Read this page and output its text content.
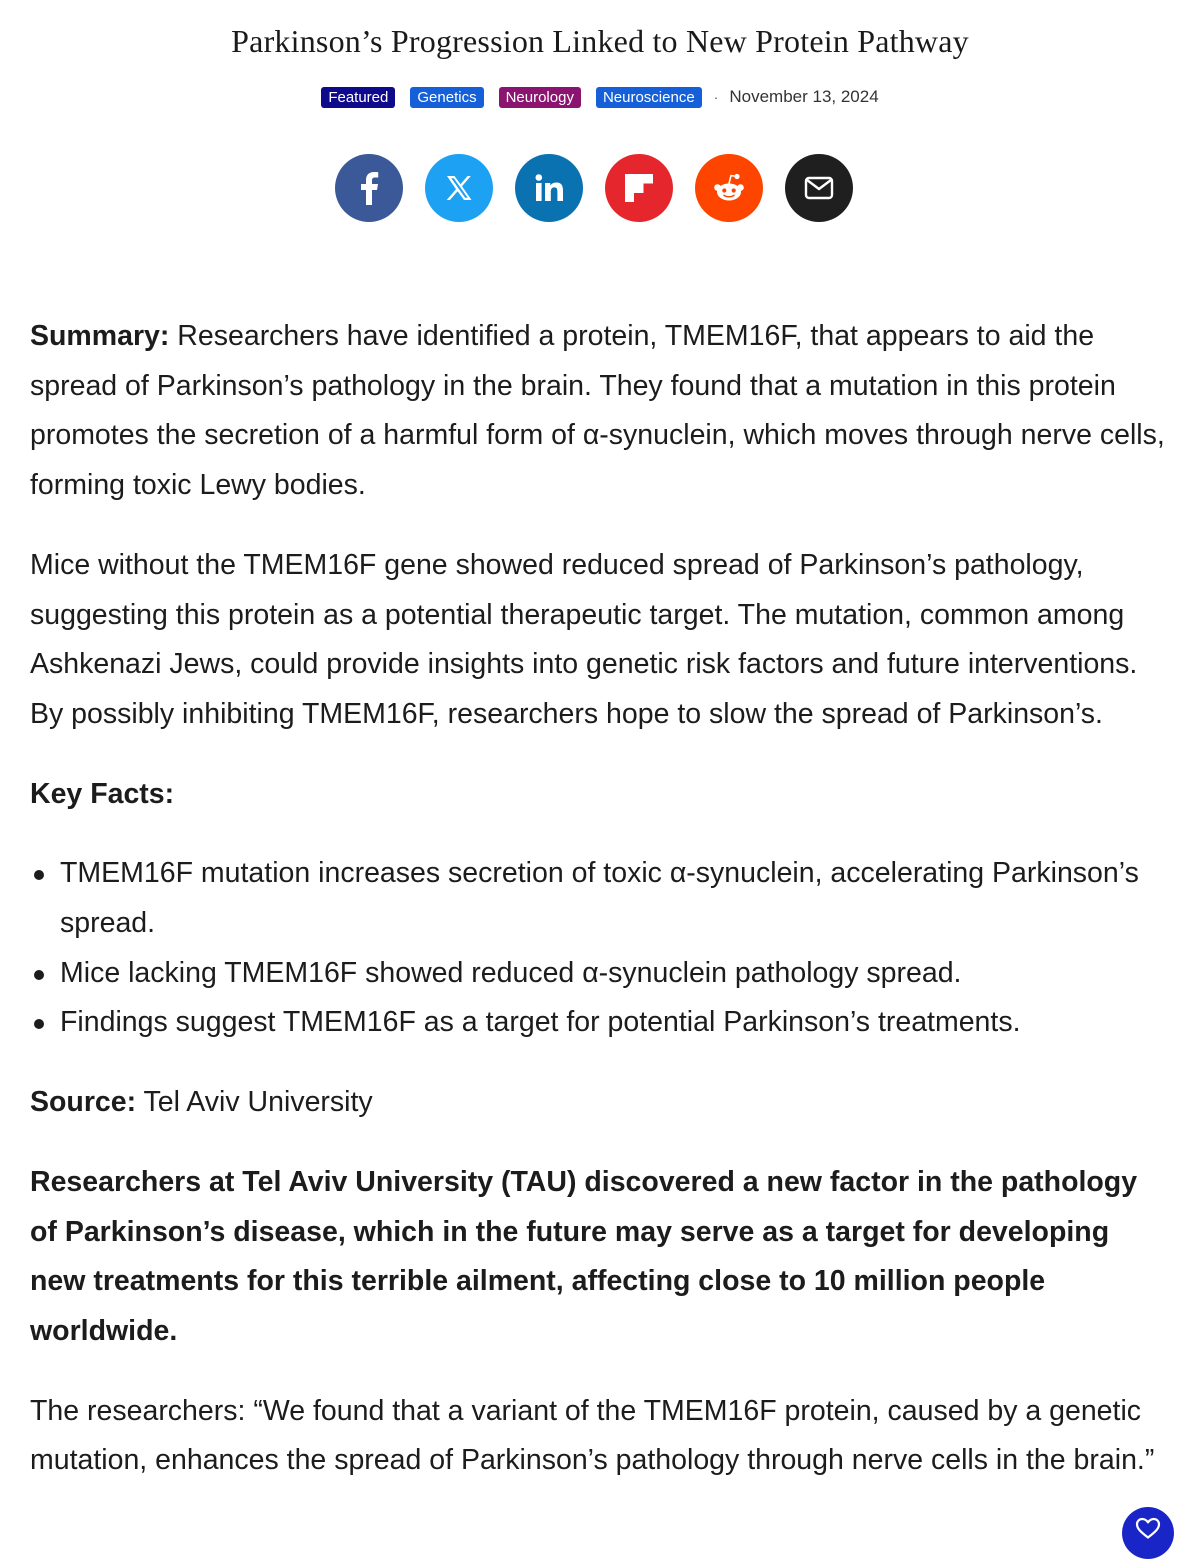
Parkinson’s Progression Linked to New Protein Pathway
Featured	Genetics	Neurology	Neuroscience	· November 13, 2024

Summary: Researchers have identified a protein, TMEM16F, that appears to aid the spread of Parkinson’s pathology in the brain. They found that a mutation in this protein promotes the secretion of a harmful form of α-synuclein, which moves through nerve cells, forming toxic Lewy bodies.

Mice without the TMEM16F gene showed reduced spread of Parkinson’s pathology, suggesting this protein as a potential therapeutic target. The mutation, common among Ashkenazi Jews, could provide insights into genetic risk factors and future interventions. By possibly inhibiting TMEM16F, researchers hope to slow the spread of Parkinson’s.

Key Facts:

TMEM16F mutation increases secretion of toxic α-synuclein, accelerating Parkinson’s spread.
Mice lacking TMEM16F showed reduced α-synuclein pathology spread.
Findings suggest TMEM16F as a target for potential Parkinson’s treatments.

Source: Tel Aviv University

Researchers at Tel Aviv University (TAU) discovered a new factor in the pathology of Parkinson’s disease, which in the future may serve as a target for developing new treatments for this terrible ailment, affecting close to 10 million people worldwide.

The researchers: “We found that a variant of the TMEM16F protein, caused by a genetic mutation, enhances the spread of Parkinson’s pathology through nerve cells in the brain.”
